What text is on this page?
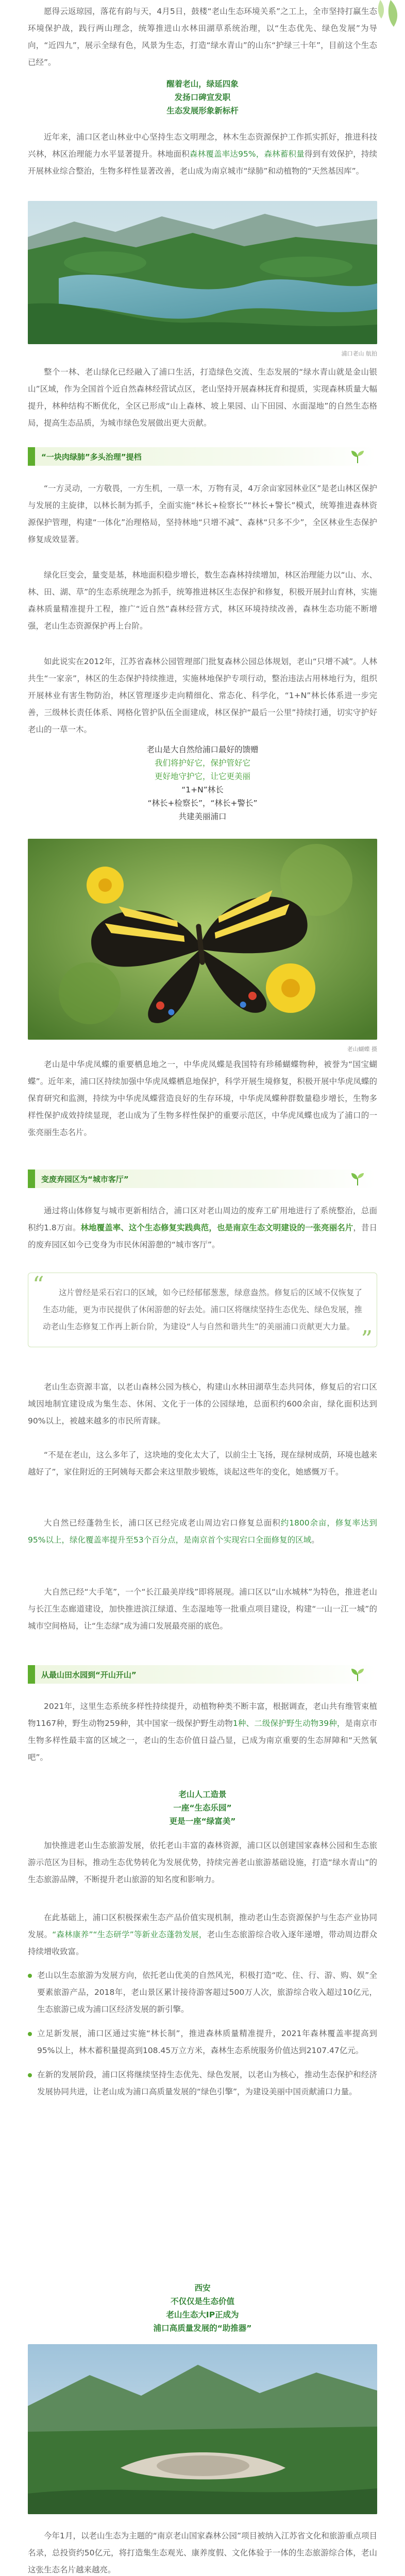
愿得云返琼园，落花有韵与天，4月5日，鼓楼“老山生态环境关系”之工上，全市坚持打赢生态环境保护战，践行两山理念，统筹推进山水林田湖草系统治理，以“生态优先、绿色发展”为导向，“近四九”，展示全绿有色，风景为生态，打造“绿水青山”的山东“护绿三十年”，目前这个生态已经”。

醒着老山，绿延四象
发扬口碑宣发职
生态发展形象新标杆

近年来，浦口区老山林业中心坚持生态文明理念，林木生态资源保护工作抓实抓好，推进科技兴林，林区治理能力水平显著提升。林地面积森林覆盖率达95%，森林蓄积量得到有效保护，持续开展林业综合整治，生物多样性显著改善，老山成为南京城市“绿肺”和动植物的“天然基因库”。

浦口老山 航拍

整个一林、老山绿化已经融入了浦口生活，打造绿色交流、生态发展的“绿水青山就是金山银山”区域，作为全国首个近自然森林经营试点区，老山坚持开展森林抚育和提质，实现森林质量大幅提升，林种结构不断优化，全区已形成“山上森林、坡上果园、山下田园、水面湿地”的自然生态格局，提高生态品质，为城市绿色发展做出更大贡献。

“一块肉绿肺”多头治理”提档

“一方灵动，一方敬畏，一方生机，一草一木，万物有灵，4万余亩家园林业区”是老山林区保护与发展的主旋律，以林长制为抓手，全面实施“林长+检察长”“林长+警长”模式，统筹推进森林资源保护管理，构建“一体化”治理格局，坚持林地“只增不减”、森林“只多不少”，全区林业生态保护修复成效显著。

绿化巨变会，量变是基，林地面积稳步增长，数生态森林持续增加，林区治理能力以“山、水、林、田、湖、草”的生态系统理念为抓手，统筹推进林区生态保护和修复，积极开展封山育林，实施森林质量精准提升工程，推广“近自然”森林经营方式，林区环境持续改善，森林生态功能不断增强，老山生态资源保护再上台阶。

如此说实在2012年，江苏省森林公园管理部门批复森林公园总体规划，老山“只增不减”。人林共生“一家亲”，林区的生态保护持续推进，实施林地保护专项行动，整治违法占用林地行为，组织开展林业有害生物防治，林区管理逐步走向精细化、常态化、科学化，“1+N”林长体系进一步完善，三级林长责任体系、网格化管护队伍全面建成，林区保护“最后一公里”持续打通，切实守护好老山的一草一木。

老山是大自然给浦口最好的馈赠
我们将护好它，保护管好它
更好地守护它，让它更美丽
“1+N”林长
“林长+检察长”，“林长+警长”
共建美丽浦口
老山蝴蝶 摄

老山是中华虎凤蝶的重要栖息地之一，中华虎凤蝶是我国特有珍稀蝴蝶物种，被誉为“国宝蝴蝶”。近年来，浦口区持续加强中华虎凤蝶栖息地保护，科学开展生境修复，积极开展中华虎凤蝶的保育研究和监测，持续为中华虎凤蝶营造良好的生存环境，中华虎凤蝶种群数量稳步增长，生物多样性保护成效持续显现，老山成为了生物多样性保护的重要示范区，中华虎凤蝶也成为了浦口的一张亮丽生态名片。

变废弃园区为“城市客厅”

通过将山体修复与城市更新相结合，浦口区对老山周边的废弃工矿用地进行了系统整治，总面积约1.8万亩。林地覆盖率、这个生态修复实践典范，也是南京生态文明建设的一张亮丽名片，昔日的废弃园区如今已变身为市民休闲游憩的“城市客厅”。

“	这片曾经是采石宕口的区域，如今已经郁郁葱葱，绿意盎然。修复后的区域不仅恢复了生态功能，更为市民提供了休闲游憩的好去处。浦口区将继续坚持生态优先、绿色发展，推动老山生态修复工作再上新台阶，为建设“人与自然和谐共生”的美丽浦口贡献更大力量。 ”

老山生态资源丰富，以老山森林公园为核心，构建山水林田湖草生态共同体，修复后的宕口区域因地制宜建设成为集生态、休闲、文化于一体的公园绿地，总面积约600余亩，绿化面积达到90%以上，被越来越多的市民所青睐。

“不是在老山，这么多年了，这块地的变化太大了，以前尘土飞扬，现在绿树成荫，环境也越来越好了”，家住附近的王阿姨每天都会来这里散步锻炼，谈起这些年的变化，她感慨万千。

大自然已经蓬勃生长，浦口区已经完成老山周边宕口修复总面积约1800余亩，修复率达到95%以上，绿化覆盖率提升至53个百分点，是南京首个实现宕口全面修复的区域。

大自然已经“大手笔”，一个“长江最美岸线”即将展现。浦口区以“山水城林”为特色，推进老山与长江生态廊道建设，加快推进滨江绿道、生态湿地等一批重点项目建设，构建“一山一江一城”的城市空间格局，让“生态绿”成为浦口发展最亮丽的底色。

从最山田水园到“开山开山”

2021年，这里生态系统多样性持续提升，动植物种类不断丰富，根据调查，老山共有维管束植物1167种，野生动物259种，其中国家一级保护野生动物1种、二级保护野生动物39种，是南京市生物多样性最丰富的区域之一，老山的生态价值日益凸显，已成为南京重要的生态屏障和“天然氧吧”。

老山人工造景
一座“生态乐园”
更是一座“绿富美”

加快推进老山生态旅游发展，依托老山丰富的森林资源，浦口区以创建国家森林公园和生态旅游示范区为目标，推动生态优势转化为发展优势，持续完善老山旅游基础设施，打造“绿水青山”的生态旅游品牌，不断提升老山旅游的知名度和影响力。

在此基础上，浦口区积极探索生态产品价值实现机制，推动老山生态资源保护与生态产业协同发展。“森林康养”“生态研学”等新业态蓬勃发展，老山生态旅游综合收入逐年递增，带动周边群众持续增收致富。

老山以生态旅游为发展方向，依托老山优美的自然风光，积极打造“吃、住、行、游、购、娱”全要素旅游产品，2018年，老山景区累计接待游客超过500万人次，旅游综合收入超过10亿元，生态旅游已成为浦口区经济发展的新引擎。

立足新发展，浦口区通过实施“林长制”，推进森林质量精准提升，2021年森林覆盖率提高到95%以上，林木蓄积量提高到108.45万立方米，森林生态系统服务价值达到2107.47亿元。

在新的发展阶段，浦口区将继续坚持生态优先、绿色发展，以老山为核心，推动生态保护和经济发展协同共进，让老山成为浦口高质量发展的“绿色引擎”，为建设美丽中国贡献浦口力量。

西安
不仅仅是生态价值
老山生态大IP正成为
浦口高质量发展的“助推器”

今年1月，以老山生态为主题的“南京老山国家森林公园”项目被纳入江苏省文化和旅游重点项目名录，总投资约50亿元，将打造集生态观光、康养度假、文化体验于一体的生态旅游综合体，老山这张生态名片越来越亮。
